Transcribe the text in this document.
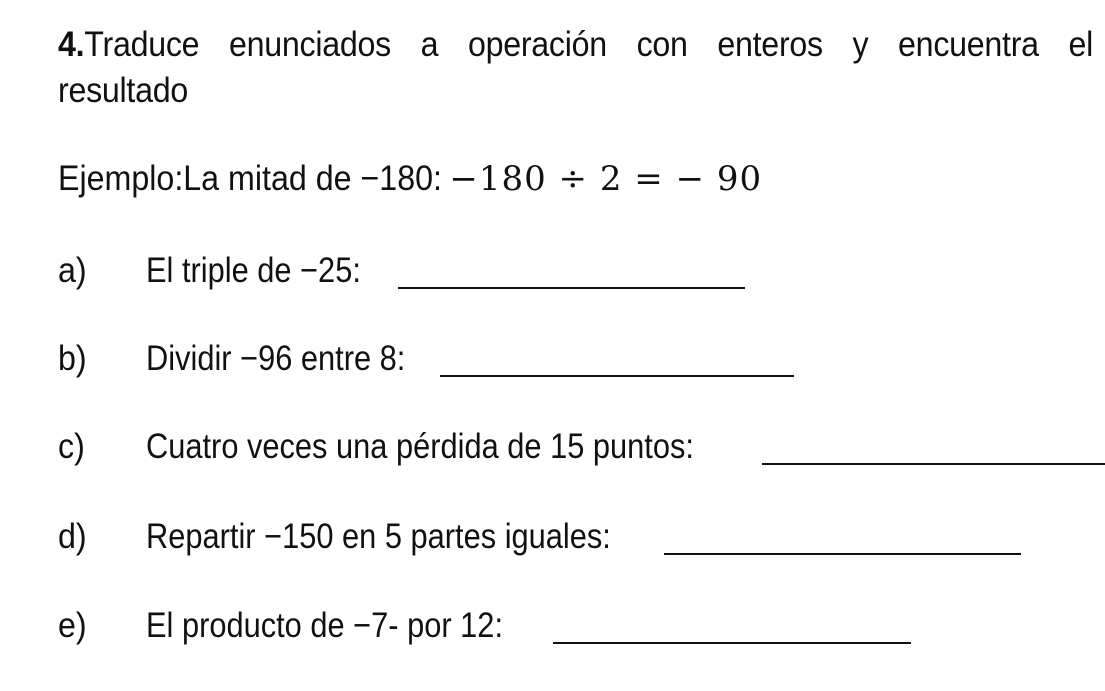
4.Traduce enunciados a operación con enteros y encuentra el
resultado
Ejemplo:La mitad de −180: −180 ÷ 2 = − 90
a) El triple de −25:
b) Dividir −96 entre 8:
c) Cuatro veces una pérdida de 15 puntos:
d) Repartir −150 en 5 partes iguales:
e) El producto de −7- por 12:
